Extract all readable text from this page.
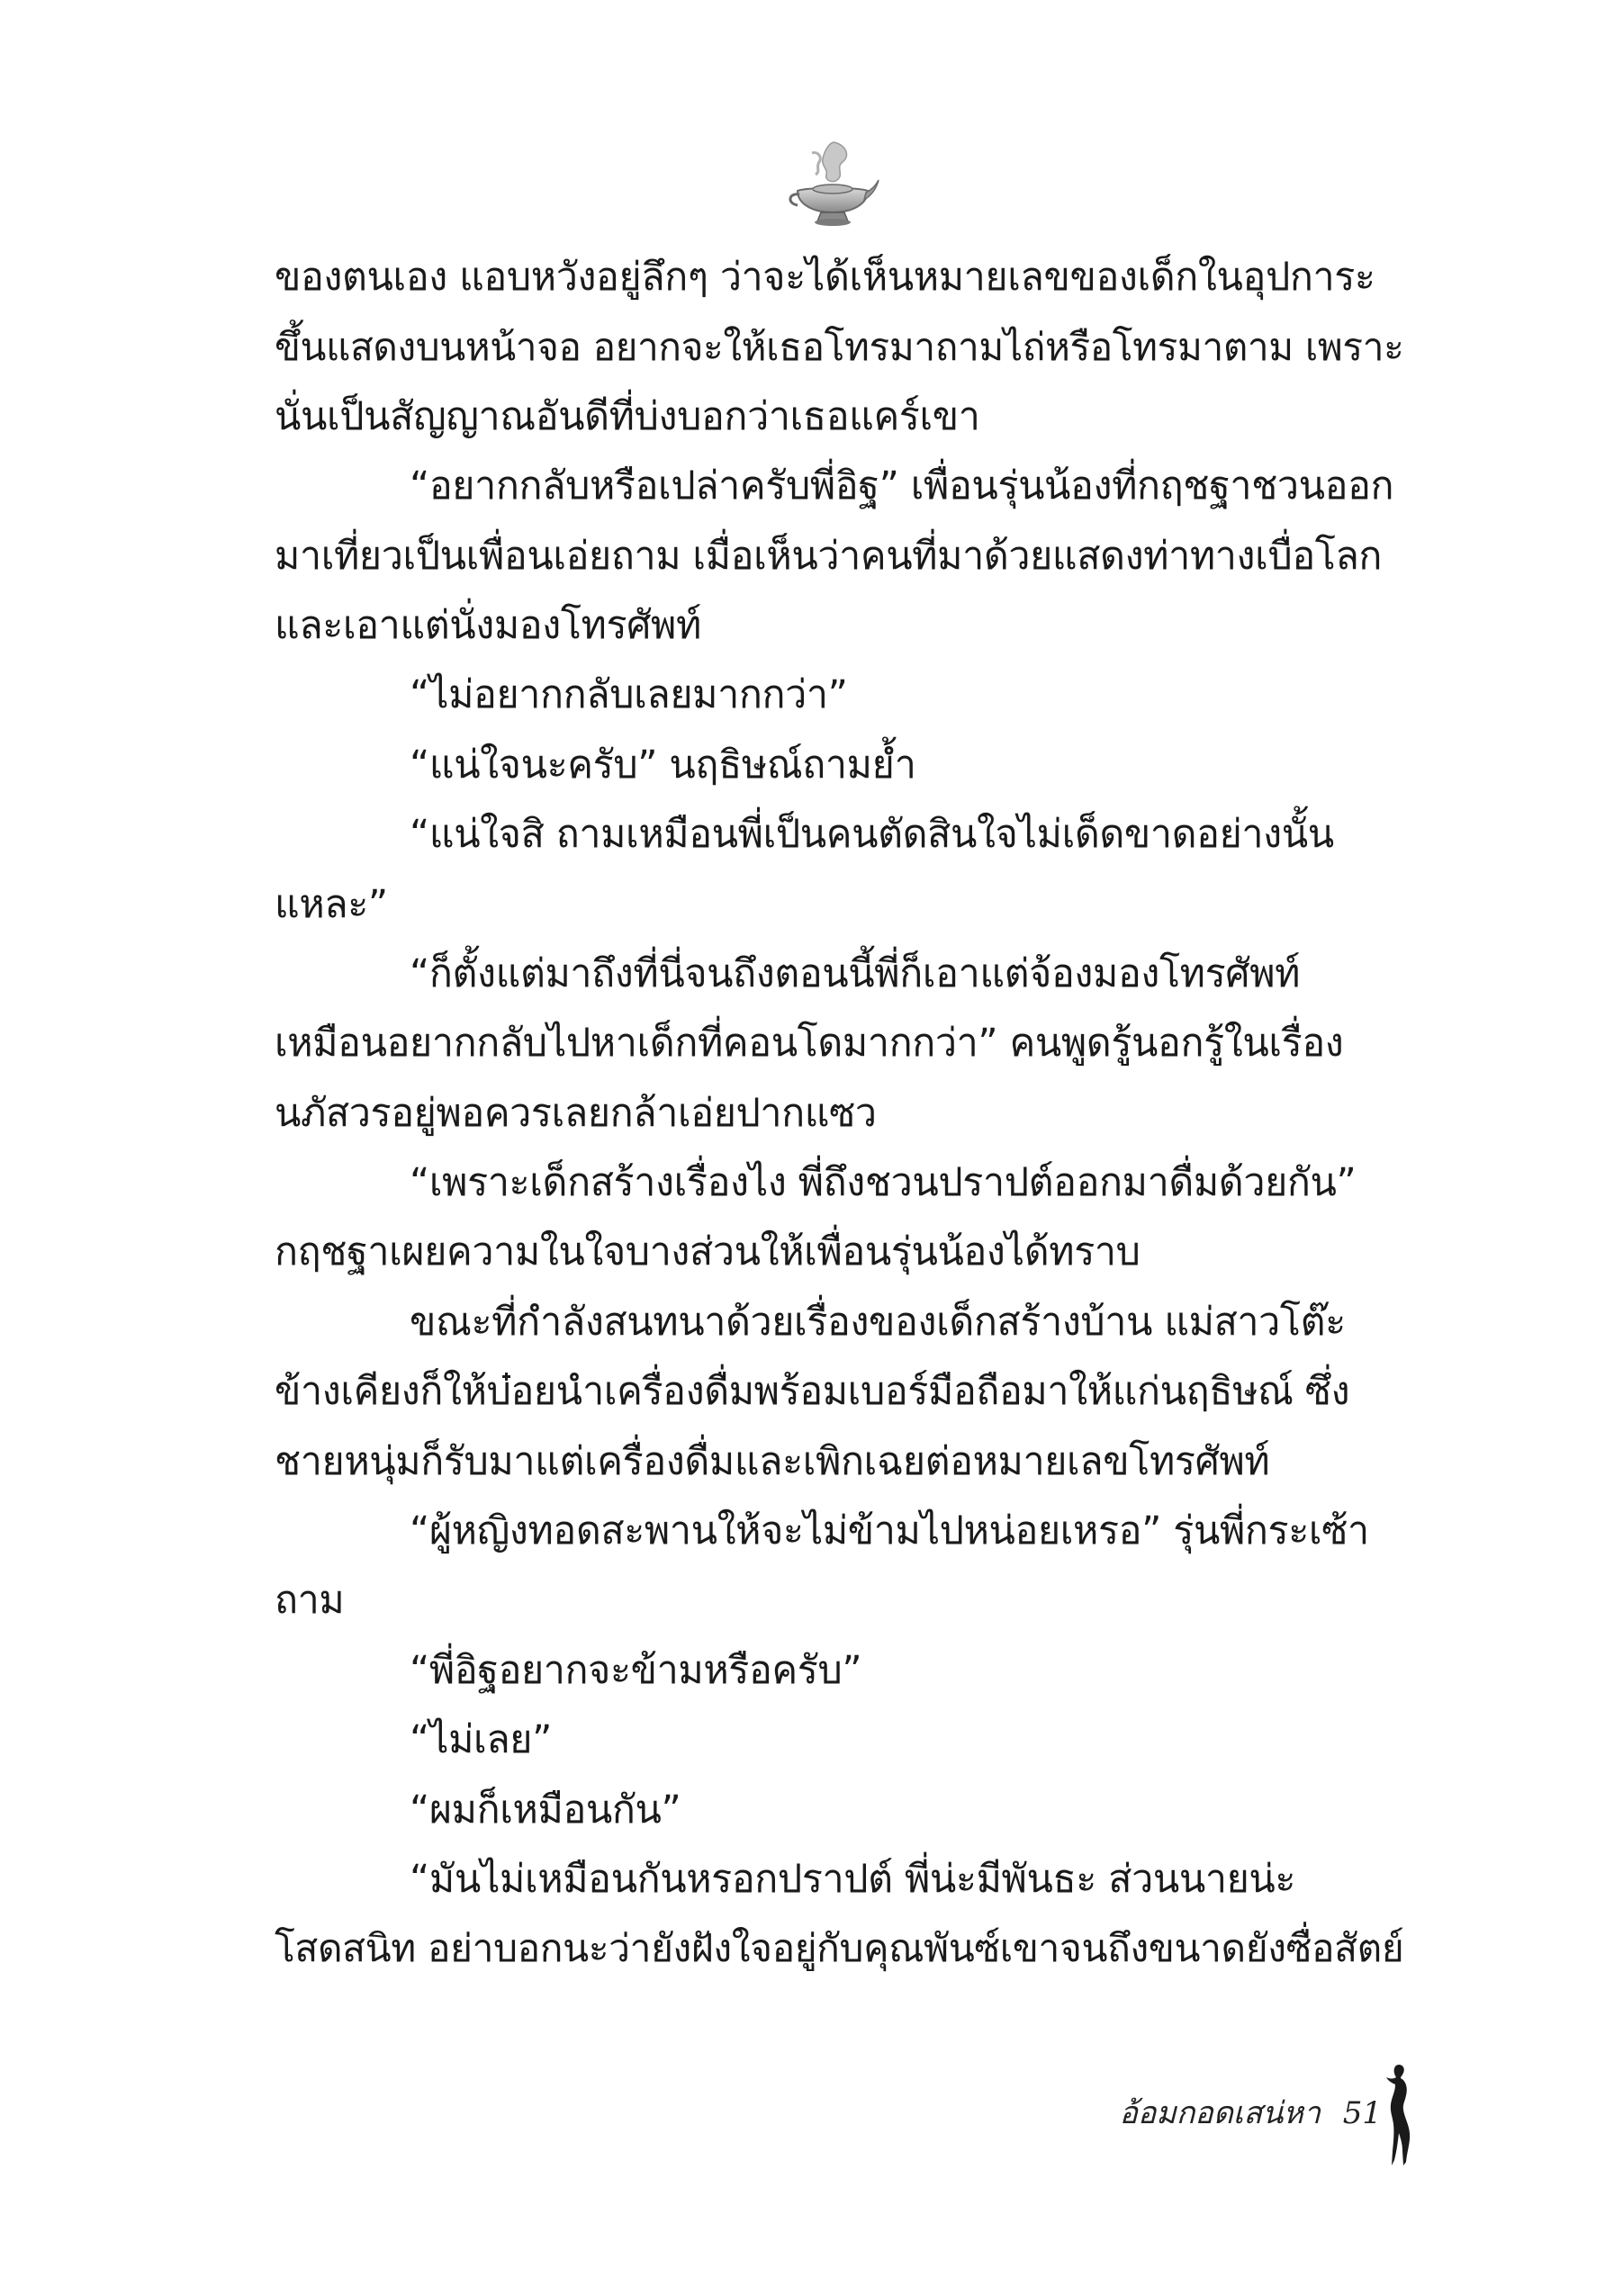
ของตนเอง แอบหวังอยู่ลึกๆ ว่าจะได้เห็นหมายเลขของเด็กในอุปการะ
ขึ้นแสดงบนหน้าจอ อยากจะให้เธอโทรมาถามไถ่หรือโทรมาตาม เพราะ
นั่นเป็นสัญญาณอันดีที่บ่งบอกว่าเธอแคร์เขา
“อยากกลับหรือเปล่าครับพี่อิฐ” เพื่อนรุ่นน้องที่กฤชฐาชวนออก
มาเที่ยวเป็นเพื่อนเอ่ยถาม เมื่อเห็นว่าคนที่มาด้วยแสดงท่าทางเบื่อโลก
และเอาแต่นั่งมองโทรศัพท์
“ไม่อยากกลับเลยมากกว่า”
“แน่ใจนะครับ” นฤธิษณ์ถามย้ำ
“แน่ใจสิ ถามเหมือนพี่เป็นคนตัดสินใจไม่เด็ดขาดอย่างนั้น
แหละ”
“ก็ตั้งแต่มาถึงที่นี่จนถึงตอนนี้พี่ก็เอาแต่จ้องมองโทรศัพท์
เหมือนอยากกลับไปหาเด็กที่คอนโดมากกว่า” คนพูดรู้นอกรู้ในเรื่อง
นภัสวรอยู่พอควรเลยกล้าเอ่ยปากแซว
“เพราะเด็กสร้างเรื่องไง พี่ถึงชวนปราปต์ออกมาดื่มด้วยกัน”
กฤชฐาเผยความในใจบางส่วนให้เพื่อนรุ่นน้องได้ทราบ
ขณะที่กำลังสนทนาด้วยเรื่องของเด็กสร้างบ้าน แม่สาวโต๊ะ
ข้างเคียงก็ให้บ๋อยนำเครื่องดื่มพร้อมเบอร์มือถือมาให้แก่นฤธิษณ์ ซึ่ง
ชายหนุ่มก็รับมาแต่เครื่องดื่มและเพิกเฉยต่อหมายเลขโทรศัพท์
“ผู้หญิงทอดสะพานให้จะไม่ข้ามไปหน่อยเหรอ” รุ่นพี่กระเซ้า
ถาม
“พี่อิฐอยากจะข้ามหรือครับ”
“ไม่เลย”
“ผมก็เหมือนกัน”
“มันไม่เหมือนกันหรอกปราปต์ พี่น่ะมีพันธะ ส่วนนายน่ะ
โสดสนิท อย่าบอกนะว่ายังฝังใจอยู่กับคุณพันซ์เขาจนถึงขนาดยังซื่อสัตย์
อ้อมกอดเสน่หา 51
